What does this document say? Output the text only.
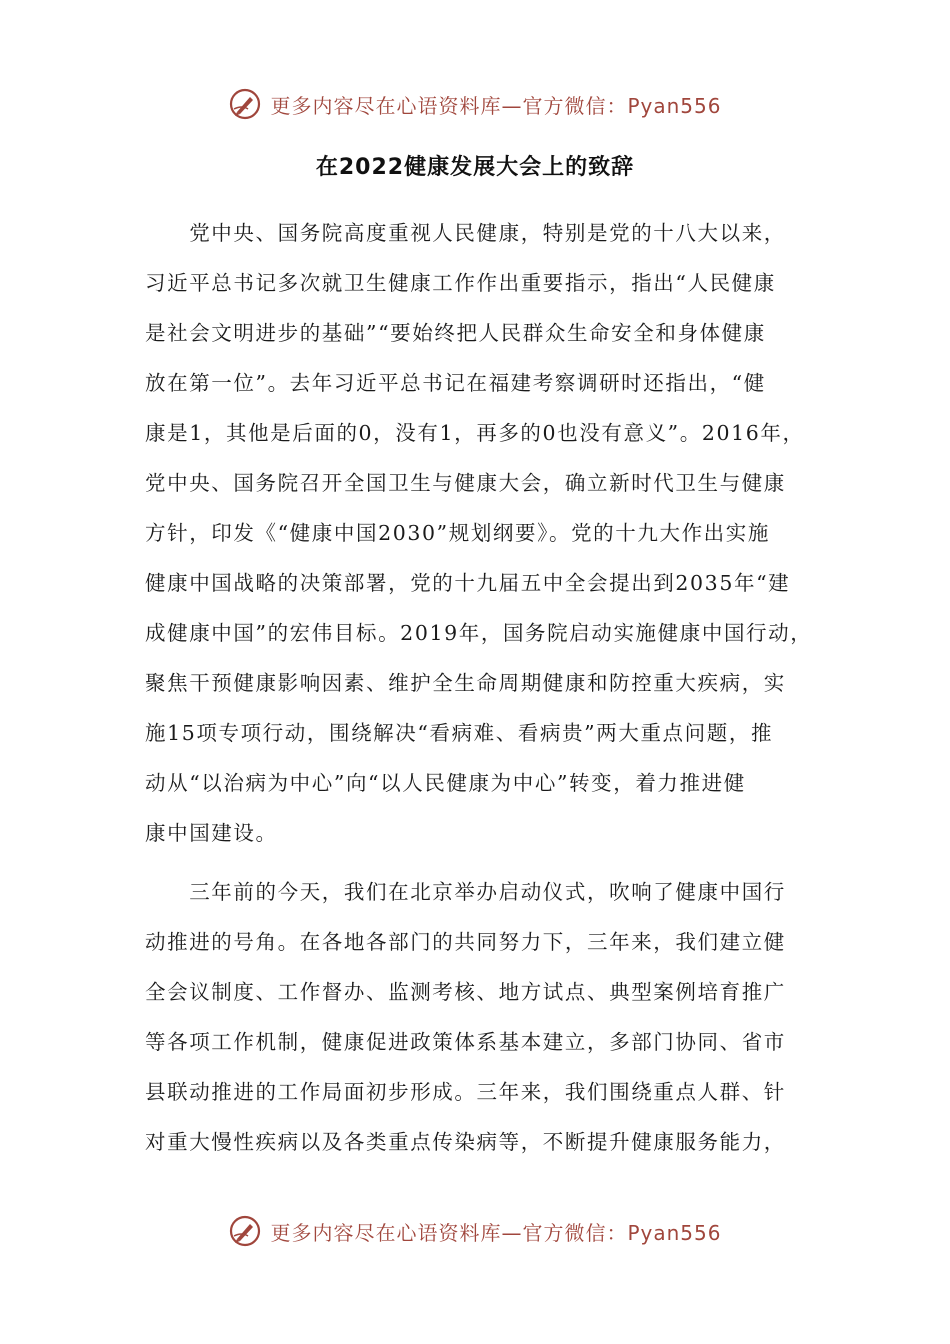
更多内容尽在心语资料库—官方微信：Pyan556
在2022健康发展大会上的致辞
　　党中央、国务院高度重视人民健康，特别是党的十八大以来，
习近平总书记多次就卫生健康工作作出重要指示，指出“人民健康
是社会文明进步的基础”“要始终把人民群众生命安全和身体健康
放在第一位”。去年习近平总书记在福建考察调研时还指出，“健
康是1，其他是后面的0，没有1，再多的0也没有意义”。2016年，
党中央、国务院召开全国卫生与健康大会，确立新时代卫生与健康
方针，印发《“健康中国2030”规划纲要》。党的十九大作出实施
健康中国战略的决策部署，党的十九届五中全会提出到2035年“建
成健康中国”的宏伟目标。2019年，国务院启动实施健康中国行动，
聚焦干预健康影响因素、维护全生命周期健康和防控重大疾病，实
施15项专项行动，围绕解决“看病难、看病贵”两大重点问题，推
动从“以治病为中心”向“以人民健康为中心”转变，着力推进健
康中国建设。
　　三年前的今天，我们在北京举办启动仪式，吹响了健康中国行
动推进的号角。在各地各部门的共同努力下，三年来，我们建立健
全会议制度、工作督办、监测考核、地方试点、典型案例培育推广
等各项工作机制，健康促进政策体系基本建立，多部门协同、省市
县联动推进的工作局面初步形成。三年来，我们围绕重点人群、针
对重大慢性疾病以及各类重点传染病等，不断提升健康服务能力，
更多内容尽在心语资料库—官方微信：Pyan556
